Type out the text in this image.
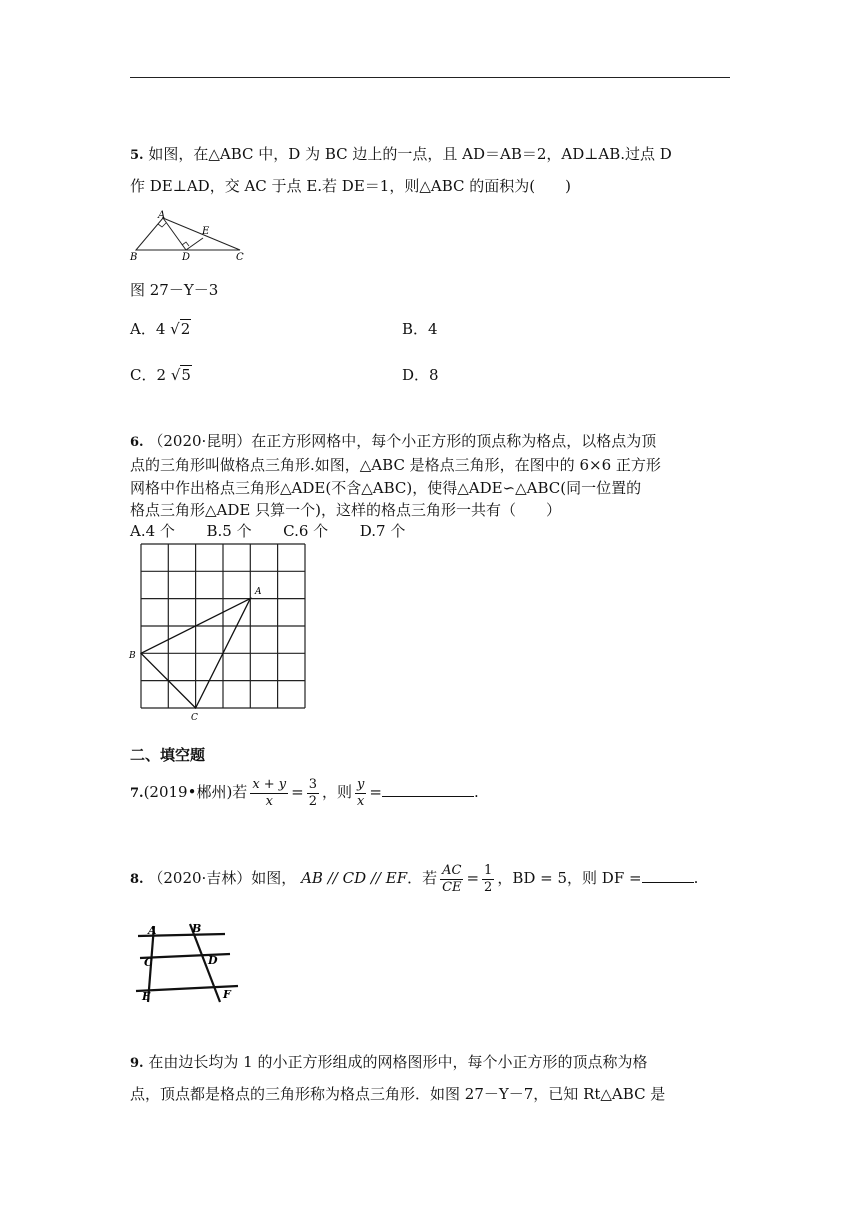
5. 如图，在△ABC 中，D 为 BC 边上的一点，且 AD＝AB＝2，AD⊥AB.过点 D
作 DE⊥AD，交 AC 于点 E.若 DE＝1，则△ABC 的面积为(　　)
A
B	D	C
E
图 27－Y－3
A．4 √2	B．4
C．2 √5	D．8
6. （2020·昆明）在正方形网格中，每个小正方形的顶点称为格点，以格点为顶
点的三角形叫做格点三角形.如图，△ABC 是格点三角形，在图中的 6×6 正方形
网格中作出格点三角形△ADE(不含△ABC)，使得△ADE∽△ABC(同一位置的
格点三角形△ADE 只算一个)，这样的格点三角形一共有（　　）
A.4 个 B.5 个 C.6 个 D.7 个
A
B
C
二、填空题
7.(2019•郴州)若 $\frac{x + y}{x} = \frac{3}{2}$ ，则 $\frac{y}{x}$ =	.
8. （2020·吉林）如图， AB // CD // EF．若 $\frac{AC}{CE} = \frac{1}{2}$ ，BD = 5，则 DF =	.
A	B
C	D
E	F
9. 在由边长均为 1 的小正方形组成的网格图形中，每个小正方形的顶点称为格
点，顶点都是格点的三角形称为格点三角形．如图 27－Y－7，已知 Rt△ABC 是
